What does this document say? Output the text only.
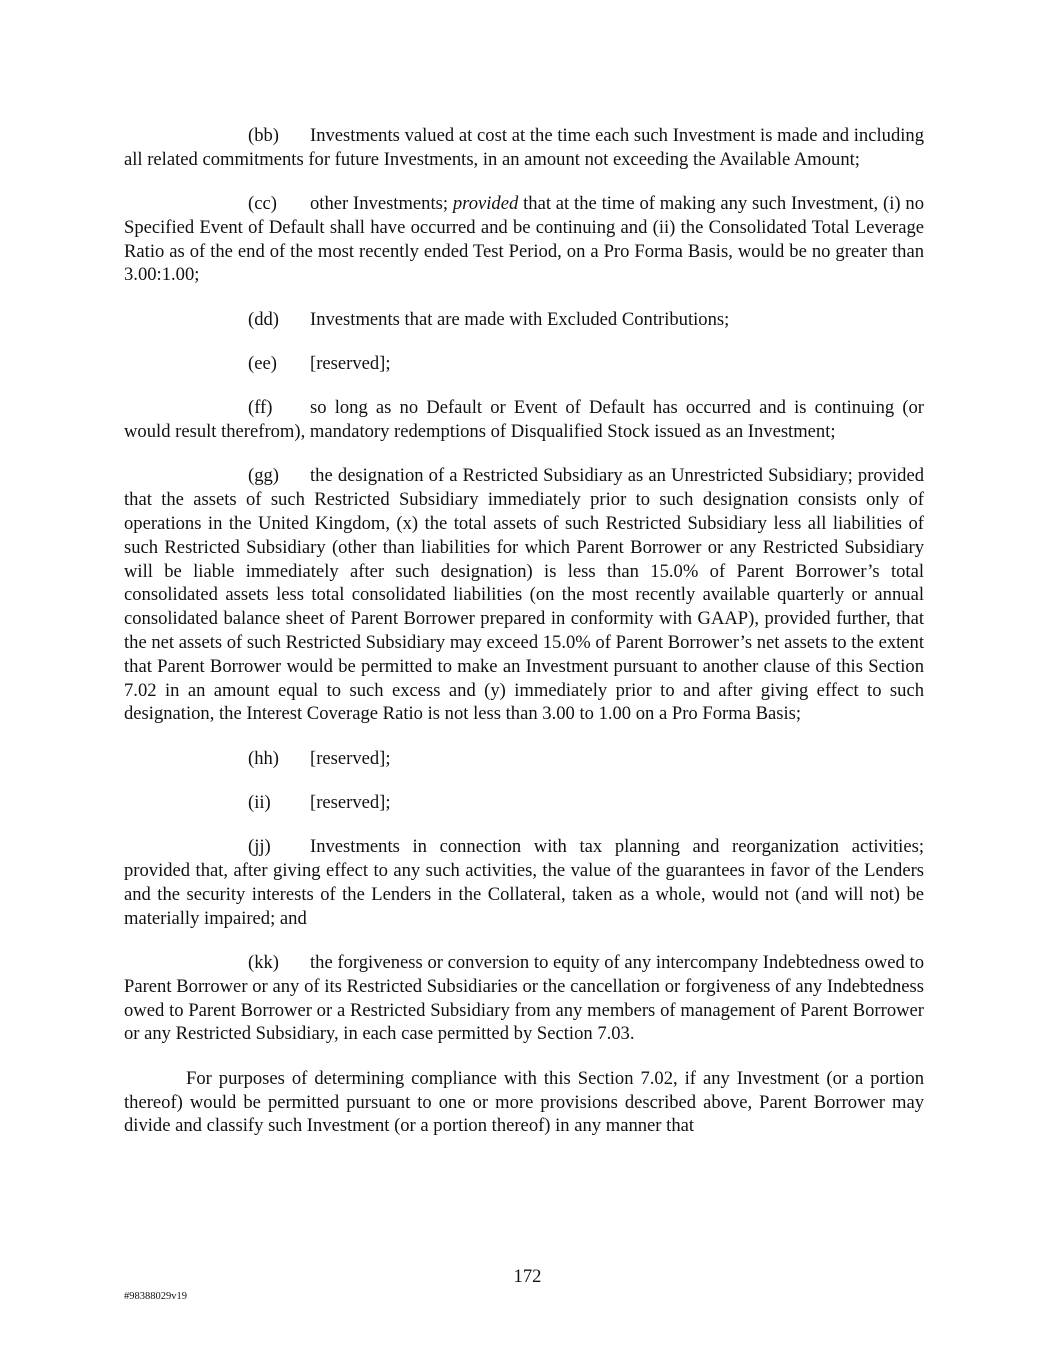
(bb) Investments valued at cost at the time each such Investment is made and including all related commitments for future Investments, in an amount not exceeding the Available Amount;

(cc) other Investments; provided that at the time of making any such Investment, (i) no Specified Event of Default shall have occurred and be continuing and (ii) the Consolidated Total Leverage Ratio as of the end of the most recently ended Test Period, on a Pro Forma Basis, would be no greater than 3.00:1.00;

(dd) Investments that are made with Excluded Contributions;

(ee) [reserved];

(ff) so long as no Default or Event of Default has occurred and is continuing (or would result therefrom), mandatory redemptions of Disqualified Stock issued as an Investment;

(gg) the designation of a Restricted Subsidiary as an Unrestricted Subsidiary; provided that the assets of such Restricted Subsidiary immediately prior to such designation consists only of operations in the United Kingdom, (x) the total assets of such Restricted Subsidiary less all liabilities of such Restricted Subsidiary (other than liabilities for which Parent Borrower or any Restricted Subsidiary will be liable immediately after such designation) is less than 15.0% of Parent Borrower’s total consolidated assets less total consolidated liabilities (on the most recently available quarterly or annual consolidated balance sheet of Parent Borrower prepared in conformity with GAAP), provided further, that the net assets of such Restricted Subsidiary may exceed 15.0% of Parent Borrower’s net assets to the extent that Parent Borrower would be permitted to make an Investment pursuant to another clause of this Section 7.02 in an amount equal to such excess and (y) immediately prior to and after giving effect to such designation, the Interest Coverage Ratio is not less than 3.00 to 1.00 on a Pro Forma Basis;

(hh) [reserved];

(ii) [reserved];

(jj) Investments in connection with tax planning and reorganization activities; provided that, after giving effect to any such activities, the value of the guarantees in favor of the Lenders and the security interests of the Lenders in the Collateral, taken as a whole, would not (and will not) be materially impaired; and

(kk) the forgiveness or conversion to equity of any intercompany Indebtedness owed to Parent Borrower or any of its Restricted Subsidiaries or the cancellation or forgiveness of any Indebtedness owed to Parent Borrower or a Restricted Subsidiary from any members of management of Parent Borrower or any Restricted Subsidiary, in each case permitted by Section 7.03.

For purposes of determining compliance with this Section 7.02, if any Investment (or a portion thereof) would be permitted pursuant to one or more provisions described above, Parent Borrower may divide and classify such Investment (or a portion thereof) in any manner that

172
#98388029v19
